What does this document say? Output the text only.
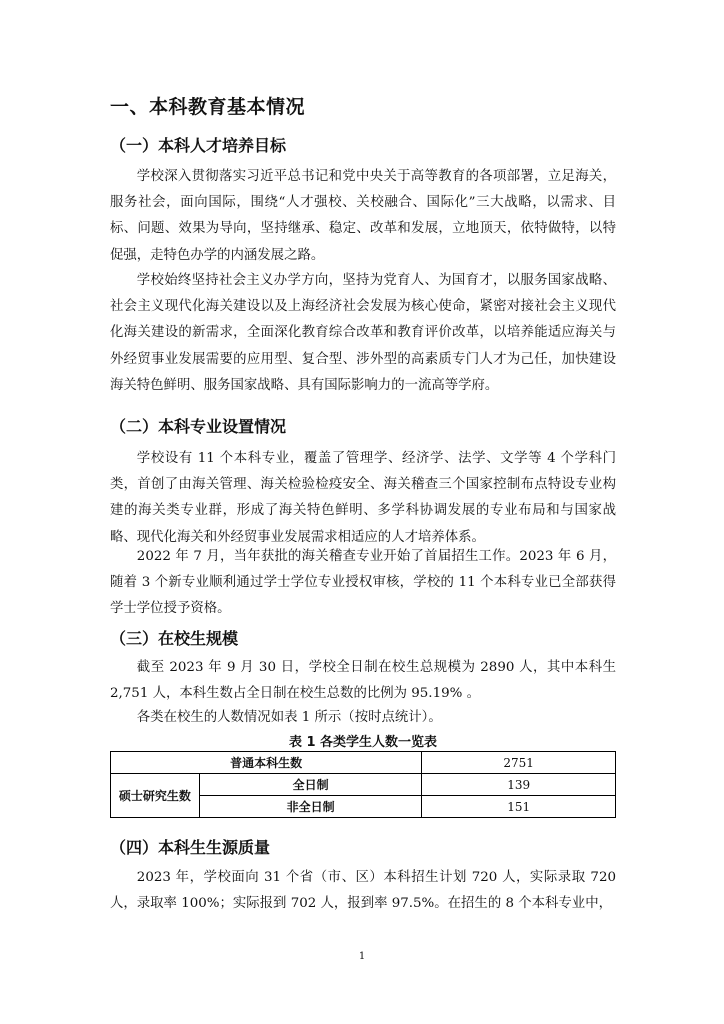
一、本科教育基本情况
（一）本科人才培养目标

学校深入贯彻落实习近平总书记和党中央关于高等教育的各项部署，立足海关，服务社会，面向国际，围绕“人才强校、关校融合、国际化”三大战略，以需求、目标、问题、效果为导向，坚持继承、稳定、改革和发展，立地顶天，依特做特，以特促强，走特色办学的内涵发展之路。

学校始终坚持社会主义办学方向，坚持为党育人、为国育才，以服务国家战略、社会主义现代化海关建设以及上海经济社会发展为核心使命，紧密对接社会主义现代化海关建设的新需求，全面深化教育综合改革和教育评价改革，以培养能适应海关与外经贸事业发展需要的应用型、复合型、涉外型的高素质专门人才为己任，加快建设海关特色鲜明、服务国家战略、具有国际影响力的一流高等学府。

（二）本科专业设置情况

学校设有 11 个本科专业，覆盖了管理学、经济学、法学、文学等 4 个学科门类，首创了由海关管理、海关检验检疫安全、海关稽查三个国家控制布点特设专业构建的海关类专业群，形成了海关特色鲜明、多学科协调发展的专业布局和与国家战略、现代化海关和外经贸事业发展需求相适应的人才培养体系。

2022 年 7 月，当年获批的海关稽查专业开始了首届招生工作。2023 年 6 月，随着 3 个新专业顺利通过学士学位专业授权审核，学校的 11 个本科专业已全部获得学士学位授予资格。

（三）在校生规模

截至 2023 年 9 月 30 日，学校全日制在校生总规模为 2890 人，其中本科生 2,751 人，本科生数占全日制在校生总数的比例为 95.19% 。

各类在校生的人数情况如表 1 所示（按时点统计）。

表 1 各类学生人数一览表
普通本科生数		2751
硕士研究生数	全日制	139
	非全日制	151
（四）本科生生源质量

2023 年，学校面向 31 个省（市、区）本科招生计划 720 人，实际录取 720 人，录取率 100%；实际报到 702 人，报到率 97.5%。在招生的 8 个本科专业中，

1
